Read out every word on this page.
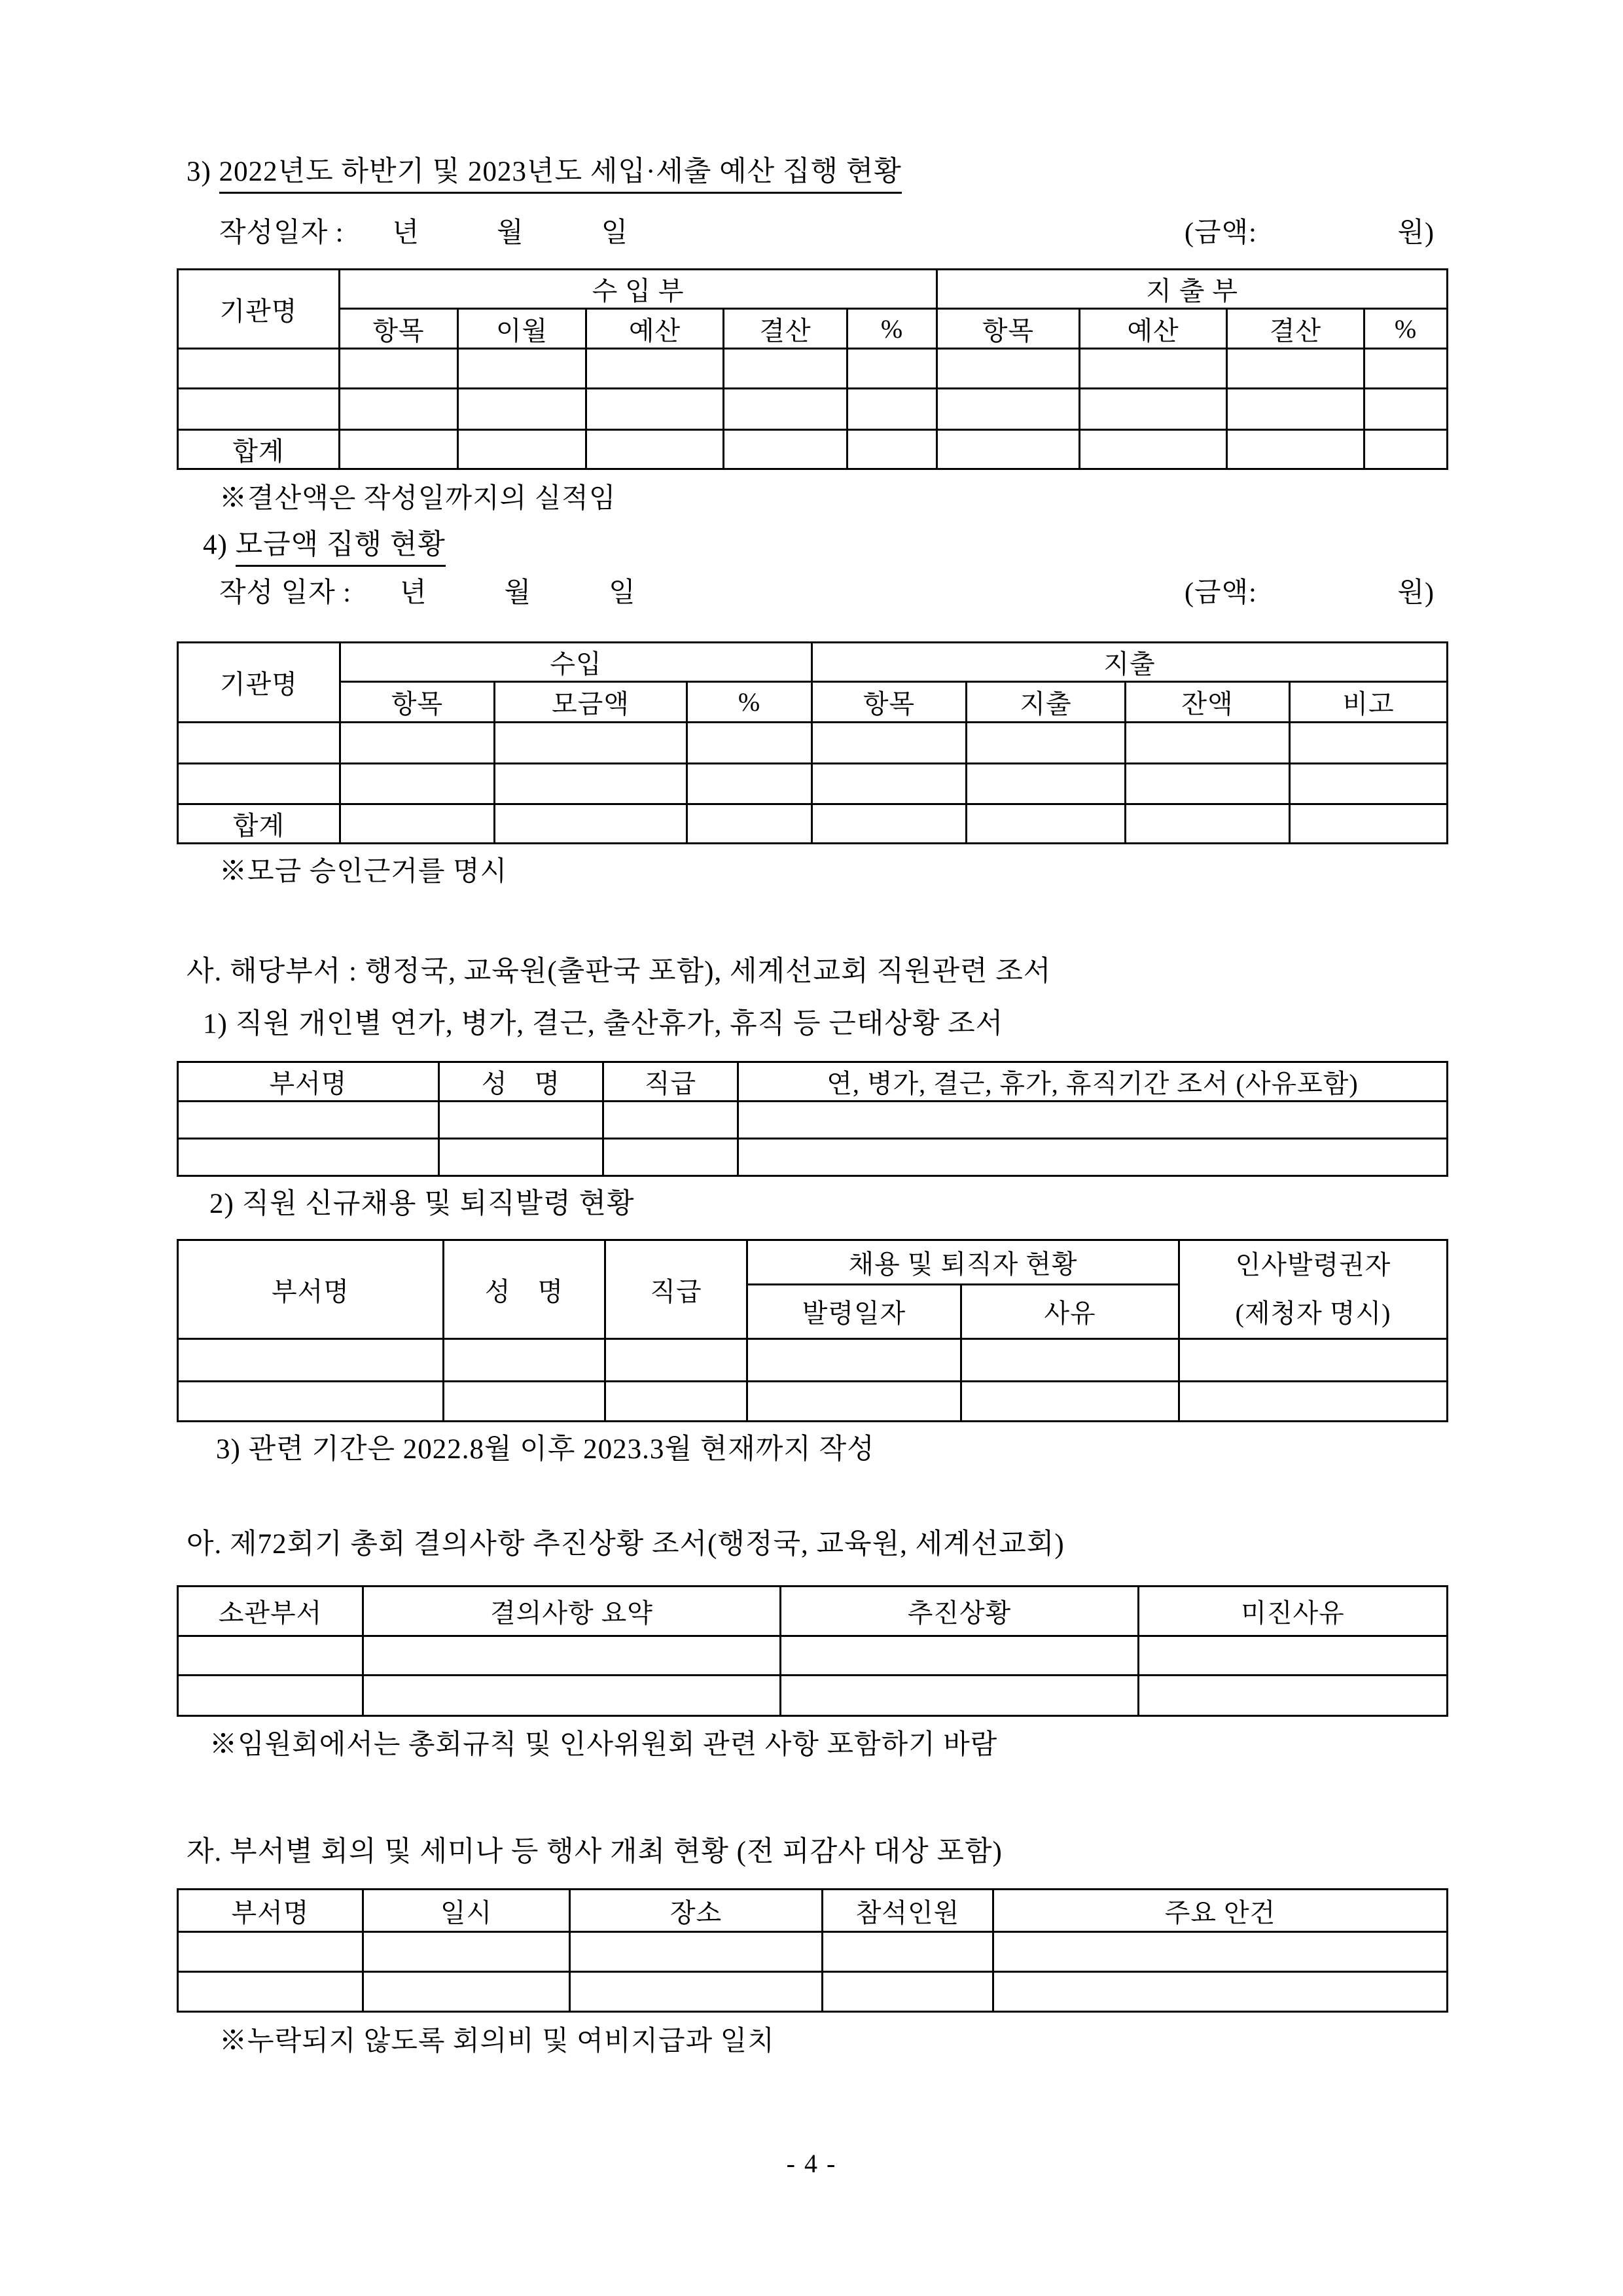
3) 2022년도 하반기 및 2023년도 세입·세출 예산 집행 현황
작성일자 : 년	월	일	(금액:	원)
기관명	수 입 부					지 출 부			
	항목	이월	예산	결산	%	항목	예산	결산	%

합계									
※결산액은 작성일까지의 실적임
4) 모금액 집행 현황
작성 일자 : 년	월	일	(금액:	원)
기관명	수입			지출			
	항목	모금액	%	항목	지출	잔액	비고

합계							
※모금 승인근거를 명시
사. 해당부서 : 행정국, 교육원(출판국 포함), 세계선교회 직원관련 조서
1) 직원 개인별 연가, 병가, 결근, 출산휴가, 휴직 등 근태상황 조서
부서명	성　명	직급	연, 병가, 결근, 휴가, 휴직기간 조서 (사유포함)

2) 직원 신규채용 및 퇴직발령 현황
부서명	성　명	직급	채용 및 퇴직자 현황		인사발령권자
(제청자 명시)

			발령일자	사유	

3) 관련 기간은 2022.8월 이후 2023.3월 현재까지 작성
아. 제72회기 총회 결의사항 추진상황 조서(행정국, 교육원, 세계선교회)
소관부서	결의사항 요약	추진상황	미진사유

※임원회에서는 총회규칙 및 인사위원회 관련 사항 포함하기 바람
자. 부서별 회의 및 세미나 등 행사 개최 현황 (전 피감사 대상 포함)
부서명	일시	장소	참석인원	주요 안건

※누락되지 않도록 회의비 및 여비지급과 일치
- 4 -
